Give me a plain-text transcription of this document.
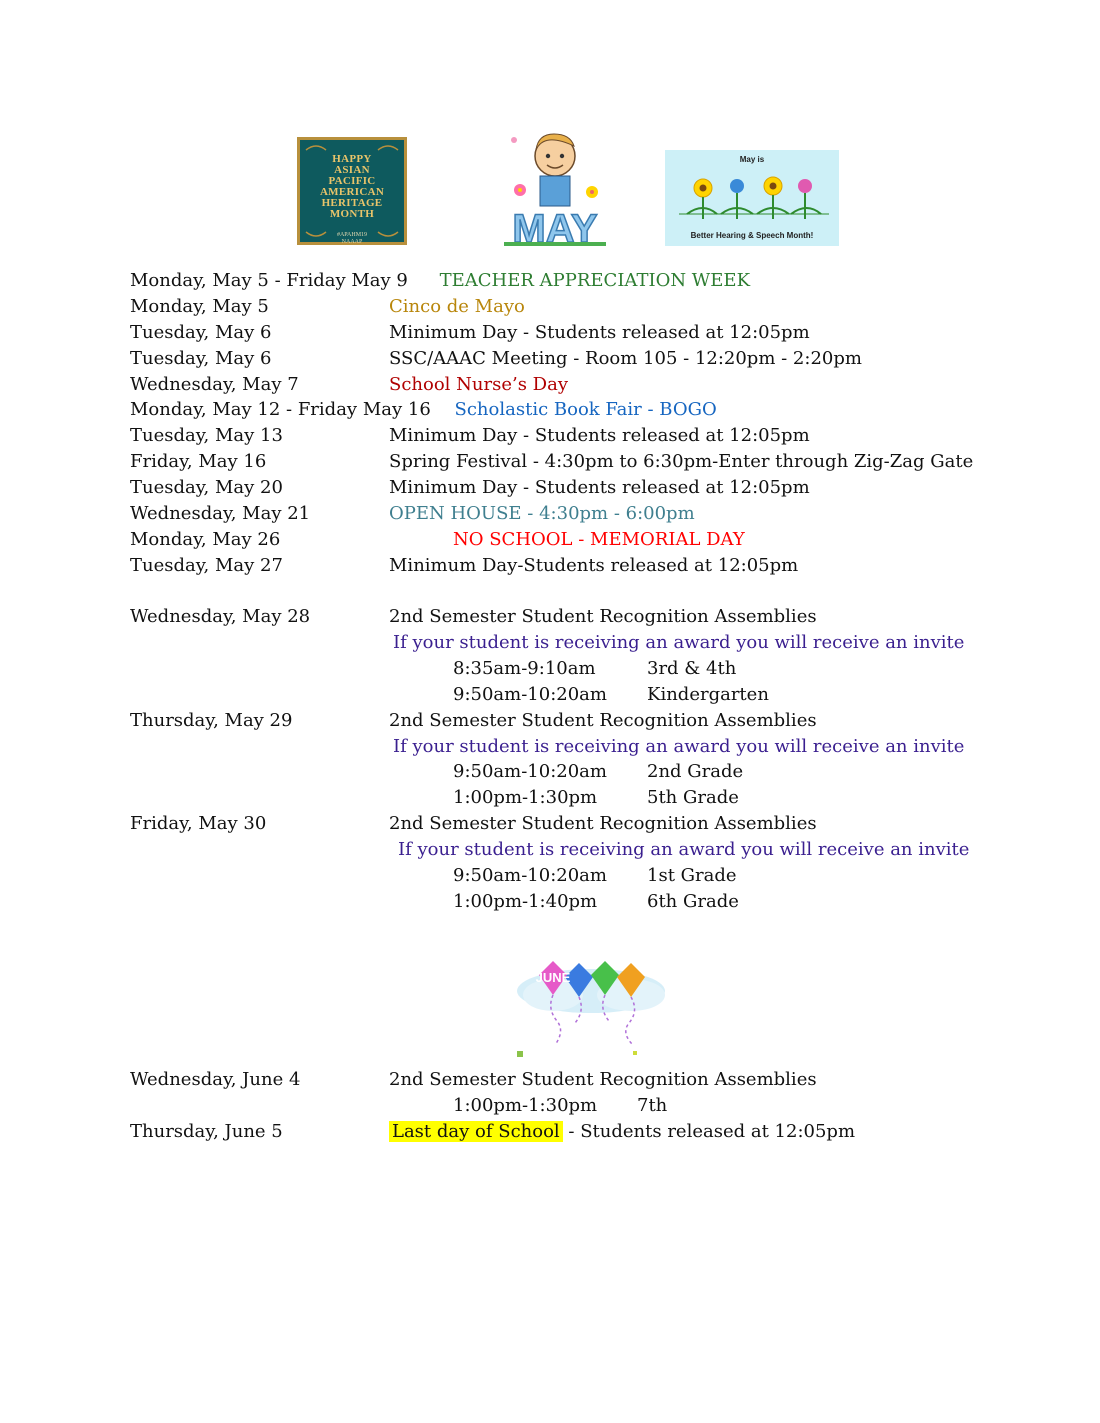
HAPPY
ASIAN
PACIFIC
AMERICAN
HERITAGE
MONTH
#APAHM19
NAAAP	MAY
May is
Better Hearing & Speech Month!
Monday, May 5 - Friday May 9 TEACHER APPRECIATION WEEK
Monday, May 5	Cinco de Mayo
Tuesday, May 6	Minimum Day - Students released at 12:05pm
Tuesday, May 6	SSC/AAAC Meeting - Room 105 - 12:20pm - 2:20pm
Wednesday, May 7	School Nurse’s Day
Monday, May 12 - Friday May 16 Scholastic Book Fair - BOGO
Tuesday, May 13	Minimum Day - Students released at 12:05pm
Friday, May 16	Spring Festival - 4:30pm to 6:30pm-Enter through Zig-Zag Gate
Tuesday, May 20	Minimum Day - Students released at 12:05pm
Wednesday, May 21	OPEN HOUSE - 4:30pm - 6:00pm
Monday, May 26	NO SCHOOL - MEMORIAL DAY
Tuesday, May 27	Minimum Day-Students released at 12:05pm
Wednesday, May 28	2nd Semester Student Recognition Assemblies
If your student is receiving an award you will receive an invite
8:35am-9:10am	3rd & 4th
9:50am-10:20am Kindergarten
Thursday, May 29	2nd Semester Student Recognition Assemblies
If your student is receiving an award you will receive an invite
9:50am-10:20am 2nd Grade
1:00pm-1:30pm	5th Grade
Friday, May 30	2nd Semester Student Recognition Assemblies
If your student is receiving an award you will receive an invite
9:50am-10:20am 1st Grade
1:00pm-1:40pm	6th Grade
JUNE
Wednesday, June 4	2nd Semester Student Recognition Assemblies
1:00pm-1:30pm 7th
Thursday, June 5	Last day of School - Students released at 12:05pm
